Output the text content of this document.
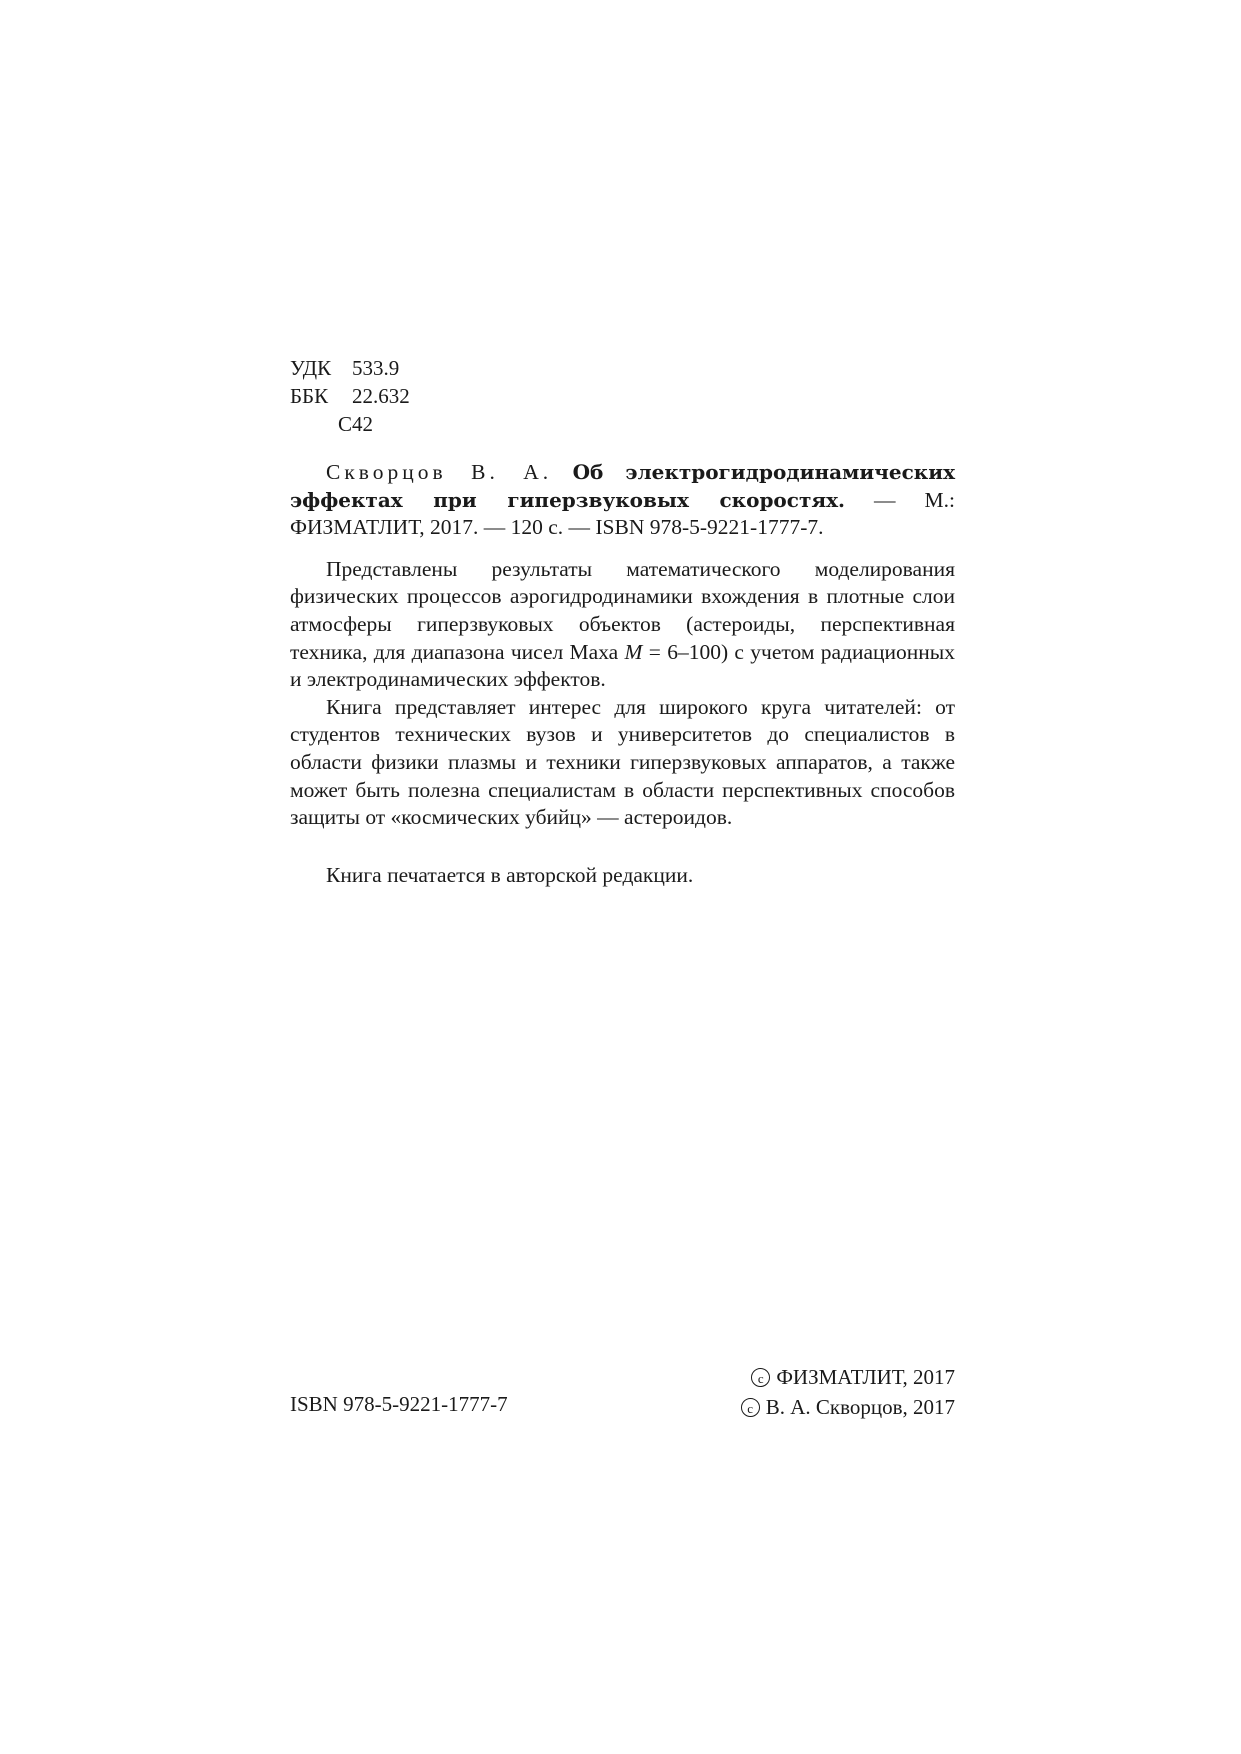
УДК 533.9
ББК 22.632
С42

Скворцов В. А. Об электрогидродинамических эффектах при гиперзвуковых скоростях. — М.: ФИЗМАТЛИТ, 2017. — 120 с. — ISBN 978-5-9221-1777-7.

Представлены результаты математического моделирования физических процессов аэрогидродинамики вхождения в плотные слои атмосферы гиперзвуковых объектов (астероиды, перспективная техника, для диапазона чисел Маха M = 6–100) с учетом радиационных и электродинамических эффектов.

Книга представляет интерес для широкого круга читателей: от студентов технических вузов и университетов до специалистов в области физики плазмы и техники гиперзвуковых аппаратов, а также может быть полезна специалистам в области перспективных способов защиты от «космических убийц» — астероидов.

Книга печатается в авторской редакции.

ISBN 978-5-9221-1777-7
c ФИЗМАТЛИТ, 2017
c В. А. Скворцов, 2017
